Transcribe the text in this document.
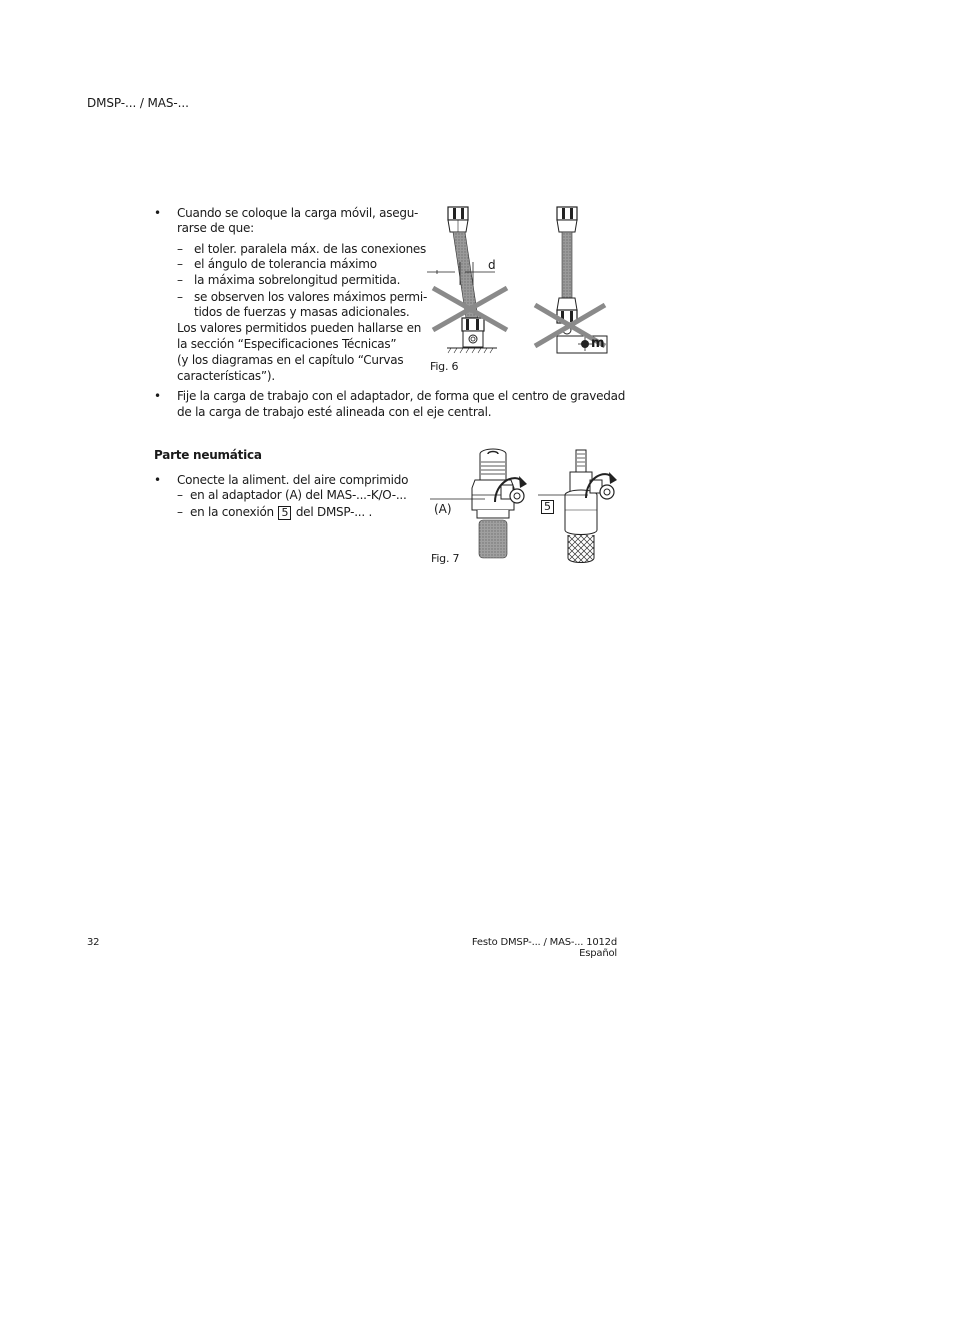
DMSP-... / MAS-...
• Cuando se coloque la carga móvil, asegu-
rarse de que:
– el toler. paralela máx. de las conexiones
– el ángulo de tolerancia máximo
– la máxima sobrelongitud permitida.
– se observen los valores máximos permi-
tidos de fuerzas y masas adicionales.
Los valores permitidos pueden hallarse en
la sección “Especificaciones Técnicas”
(y los diagramas en el capítulo “Curvas
características”).
• Fije la carga de trabajo con el adaptador, de forma que el centro de gravedad
de la carga de trabajo esté alineada con el eje central.
d
m
Fig. 6
Parte neumática
• Conecte la aliment. del aire comprimido
– en al adaptador (A) del MAS-...-K/O-...
– en la conexión 5 del DMSP-... .	(A)	5
Fig. 7
32	Festo DMSP-... / MAS-... 1012d Español
